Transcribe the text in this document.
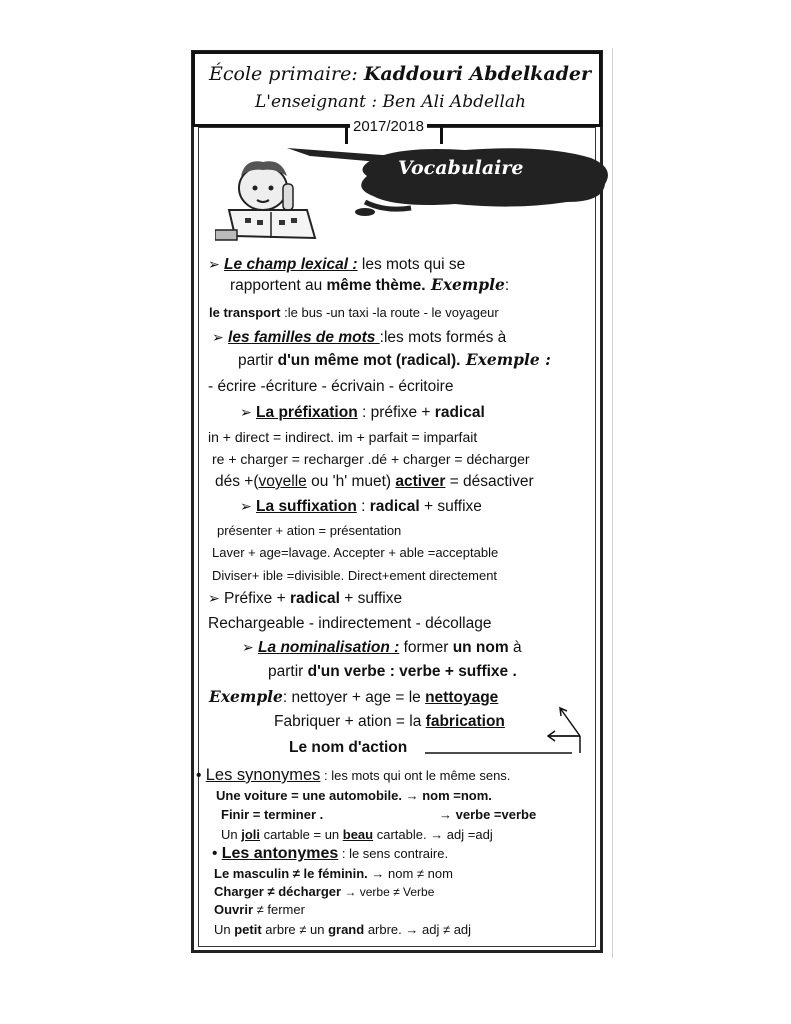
École primaire: Kaddouri Abdelkader
L'enseignant : Ben Ali Abdellah
2017/2018
Vocabulaire
➢ Le champ lexical : les mots qui se
rapportent au même thème. Exemple:
le transport :le bus -un taxi -la route - le voyageur
➢ les familles de mots :les mots formés à
partir d'un même mot (radical). Exemple :
- écrire -écriture - écrivain - écritoire
➢ La préfixation : préfixe + radical
in + direct = indirect. im + parfait = imparfait
re + charger = recharger .dé + charger = décharger
dés +(voyelle ou 'h' muet) activer = désactiver
➢ La suffixation : radical + suffixe
présenter + ation = présentation
Laver + age=lavage. Accepter + able =acceptable
Diviser+ ible =divisible. Direct+ement directement
➢ Préfixe + radical + suffixe
Rechargeable - indirectement - décollage
➢ La nominalisation : former un nom à
partir d'un verbe : verbe + suffixe .
Exemple: nettoyer + age = le nettoyage
Fabriquer + ation = la fabrication
Le nom d'action
• Les synonymes : les mots qui ont le même sens.
Une voiture = une automobile. → nom =nom.
Finir = terminer .	→ verbe =verbe
Un joli cartable = un beau cartable. → adj =adj
• Les antonymes : le sens contraire.
Le masculin ≠ le féminin. → nom ≠ nom
Charger ≠ décharger → verbe ≠ Verbe
Ouvrir ≠ fermer
Un petit arbre ≠ un grand arbre. → adj ≠ adj
